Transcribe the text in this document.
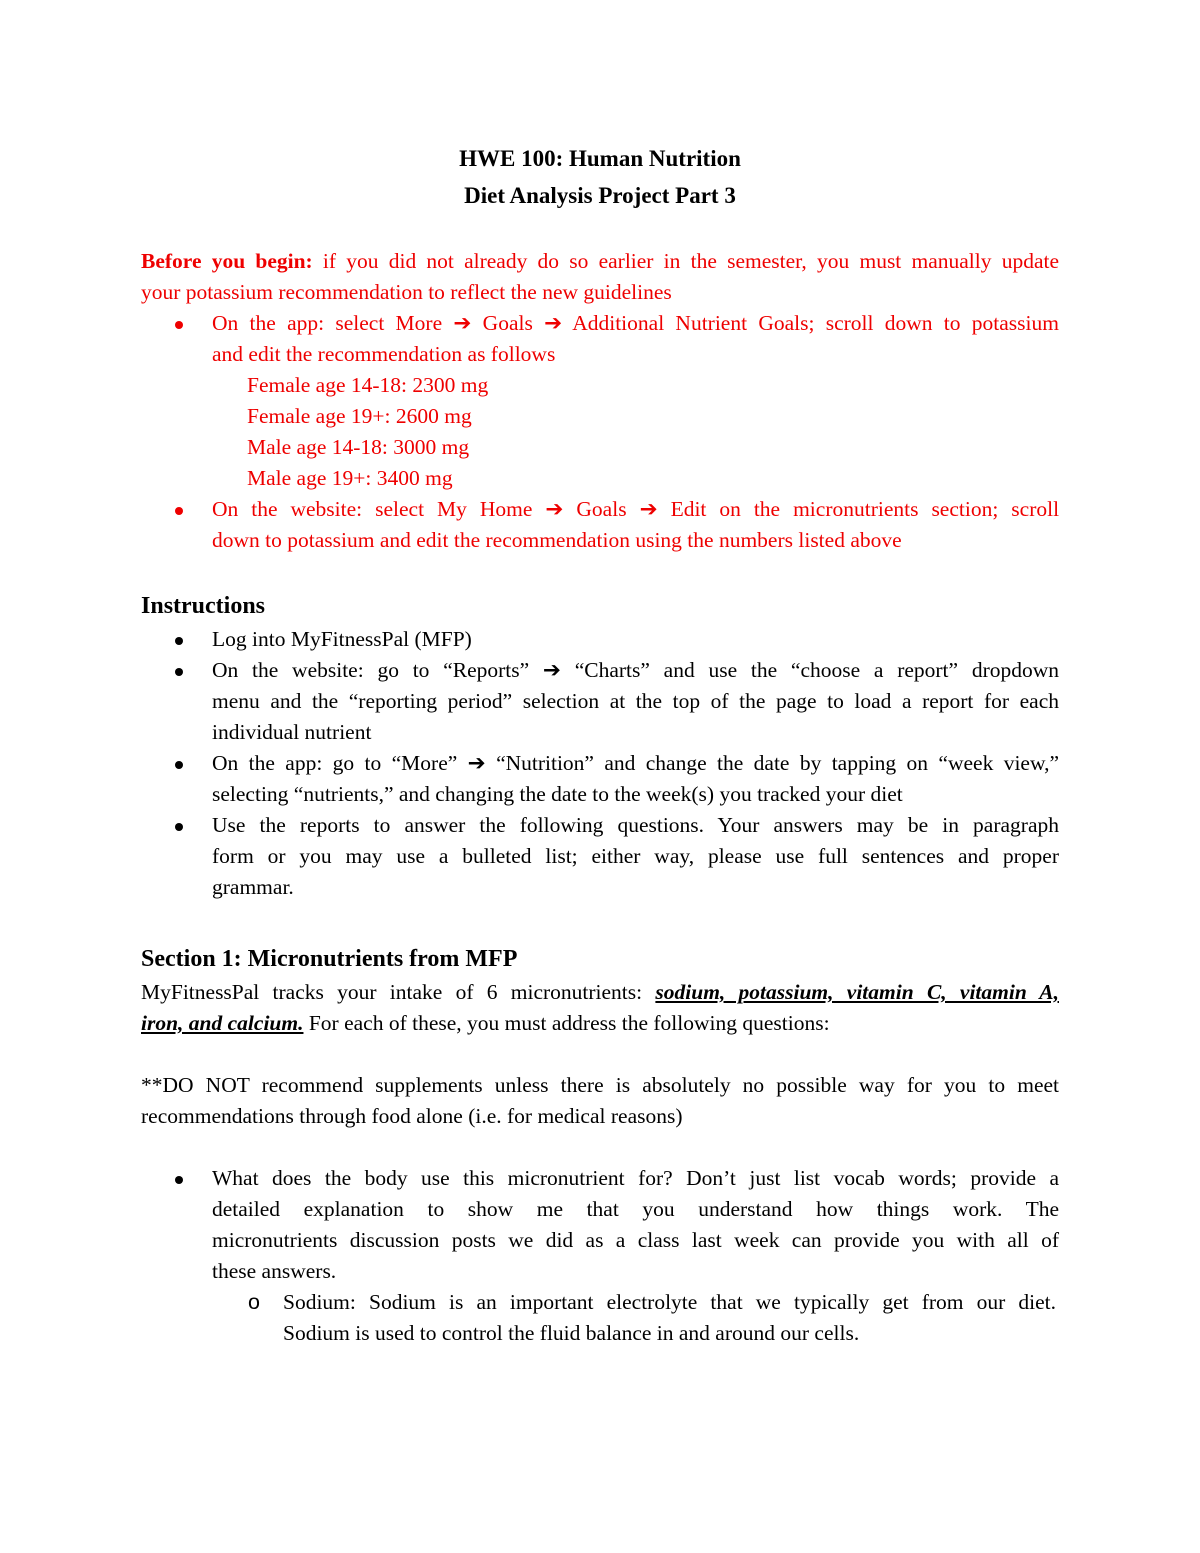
HWE 100: Human Nutrition
Diet Analysis Project Part 3
Before you begin: if you did not already do so earlier in the semester, you must manually update
your potassium recommendation to reflect the new guidelines
On the app: select More ➔ Goals ➔ Additional Nutrient Goals; scroll down to potassium
and edit the recommendation as follows
Female age 14-18: 2300 mg
Female age 19+: 2600 mg
Male age 14-18: 3000 mg
Male age 19+: 3400 mg
On the website: select My Home ➔ Goals ➔ Edit on the micronutrients section; scroll
down to potassium and edit the recommendation using the numbers listed above
Instructions
Log into MyFitnessPal (MFP)
On the website: go to “Reports” ➔ “Charts” and use the “choose a report” dropdown
menu and the “reporting period” selection at the top of the page to load a report for each
individual nutrient
On the app: go to “More” ➔ “Nutrition” and change the date by tapping on “week view,”
selecting “nutrients,” and changing the date to the week(s) you tracked your diet
Use the reports to answer the following questions. Your answers may be in paragraph
form or you may use a bulleted list; either way, please use full sentences and proper
grammar.
Section 1: Micronutrients from MFP
MyFitnessPal tracks your intake of 6 micronutrients: sodium, potassium, vitamin C, vitamin A,
iron, and calcium. For each of these, you must address the following questions:
**DO NOT recommend supplements unless there is absolutely no possible way for you to meet
recommendations through food alone (i.e. for medical reasons)
What does the body use this micronutrient for? Don’t just list vocab words; provide a
detailed explanation to show me that you understand how things work. The
micronutrients discussion posts we did as a class last week can provide you with all of
these answers.
o Sodium: Sodium is an important electrolyte that we typically get from our diet.
Sodium is used to control the fluid balance in and around our cells.
